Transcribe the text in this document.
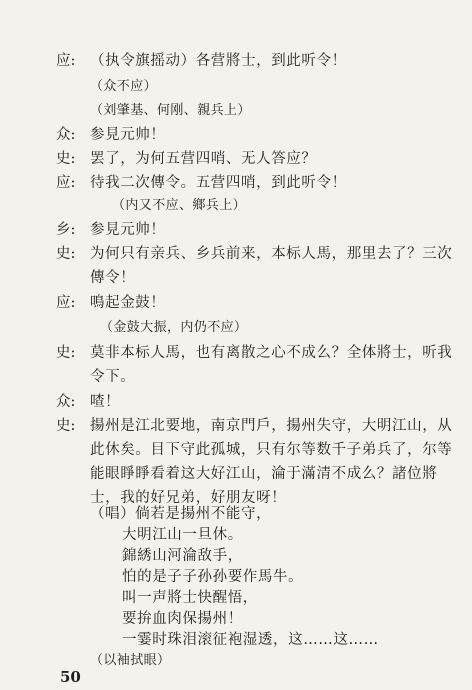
应: （执令旗摇动）各营將士，到此听令！
（众不应）
（刘肇基、何刚、親兵上）
众: 参見元帅！
史: 罢了，为何五营四哨、无人答应？
应: 待我二次傳令。五营四哨，到此听令！
（内又不应、鄉兵上）
乡: 参見元帅！
史: 为何只有亲兵、乡兵前来，本标人馬，那里去了？三次
傳令！
应: 鳴起金鼓！
（金鼓大振，内仍不应）
史: 莫非本标人馬，也有离散之心不成么？全体將士，听我
令下。
众: 喳！
史: 揚州是江北要地，南京門戶，揚州失守，大明江山，从
此休矣。目下守此孤城，只有尔等数千子弟兵了，尔等
能眼睜睜看着这大好江山，淪于滿清不成么？諸位將
士，我的好兄弟，好朋友呀！
（唱）倘若是揚州不能守，
大明江山一旦休。
錦綉山河淪敌手，
怕的是子子孙孙要作馬牛。
叫一声將士快醒悟，
要拚血肉保揚州！
一霎时珠泪滚征袍湿透，这……这……
（以袖拭眼）
50
